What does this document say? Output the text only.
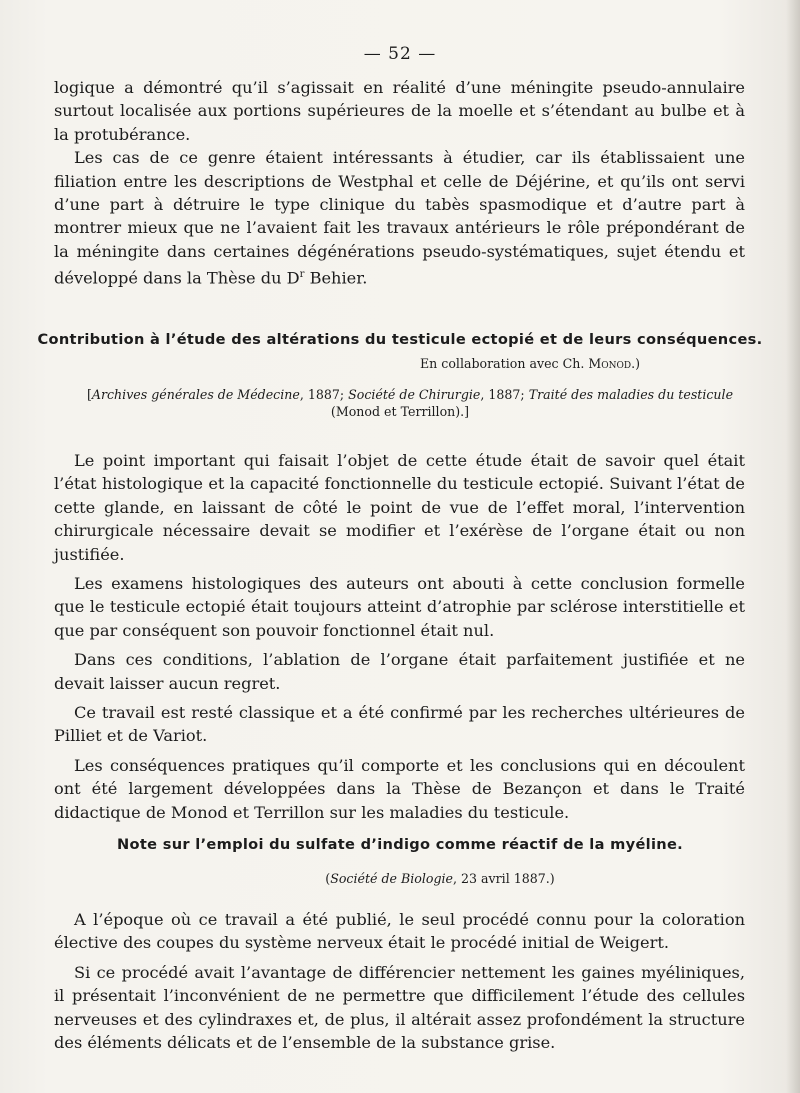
— 52 —

logique a démontré qu’il s’agissait en réalité d’une méningite pseudo-annulaire surtout localisée aux portions supérieures de la moelle et s’étendant au bulbe et à la protubérance.

Les cas de ce genre étaient intéressants à étudier, car ils établissaient une filiation entre les descriptions de Westphal et celle de Déjérine, et qu’ils ont servi d’une part à détruire le type clinique du tabès spasmodique et d’autre part à montrer mieux que ne l’avaient fait les travaux antérieurs le rôle prépondérant de la méningite dans certaines dégénérations pseudo-systématiques, sujet étendu et développé dans la Thèse du $D^r$ Behier.

Contribution à l’étude des altérations du testicule ectopié et de leurs conséquences.
En collaboration avec Ch. Monod.)
[Archives générales de Médecine, 1887; Société de Chirurgie, 1887; Traité des maladies du testicule
(Monod et Terrillon).]

Le point important qui faisait l’objet de cette étude était de savoir quel était l’état histologique et la capacité fonctionnelle du testicule ectopié. Suivant l’état de cette glande, en laissant de côté le point de vue de l’effet moral, l’intervention chirurgicale nécessaire devait se modifier et l’exérèse de l’organe était ou non justifiée.

Les examens histologiques des auteurs ont abouti à cette conclusion formelle que le testicule ectopié était toujours atteint d’atrophie par sclérose interstitielle et que par conséquent son pouvoir fonctionnel était nul.

Dans ces conditions, l’ablation de l’organe était parfaitement justifiée et ne devait laisser aucun regret.

Ce travail est resté classique et a été confirmé par les recherches ultérieures de Pilliet et de Variot.

Les conséquences pratiques qu’il comporte et les conclusions qui en découlent ont été largement développées dans la Thèse de Bezançon et dans le Traité didactique de Monod et Terrillon sur les maladies du testicule.

Note sur l’emploi du sulfate d’indigo comme réactif de la myéline.
(Société de Biologie, 23 avril 1887.)

A l’époque où ce travail a été publié, le seul procédé connu pour la coloration élective des coupes du système nerveux était le procédé initial de Weigert.

Si ce procédé avait l’avantage de différencier nettement les gaines myéliniques, il présentait l’inconvénient de ne permettre que difficilement l’étude des cellules nerveuses et des cylindraxes et, de plus, il altérait assez profondément la structure des éléments délicats et de l’ensemble de la substance grise.
